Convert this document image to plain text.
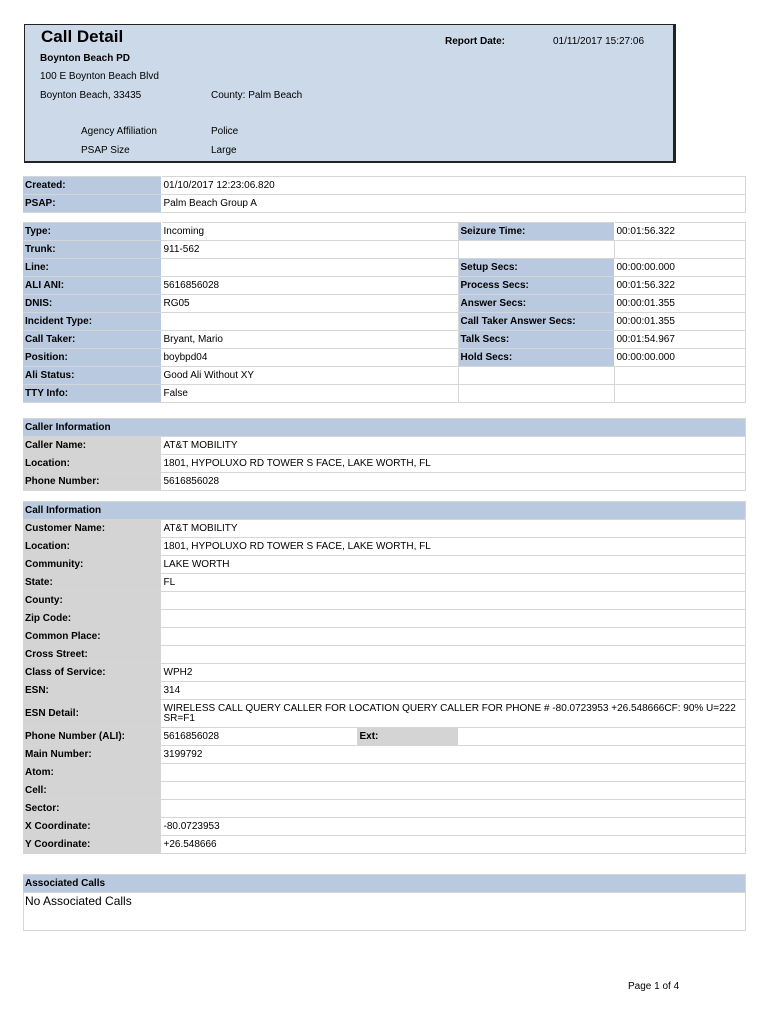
Call Detail
Boynton Beach PD
100 E Boynton Beach Blvd
Boynton Beach, 33435	County: Palm Beach
Agency Affiliation	Police
PSAP Size	Large
Report Date:	01/11/2017 15:27:06
Created:	01/10/2017 12:23:06.820
PSAP:	Palm Beach Group A
Type:	Incoming	Seizure Time:	00:01:56.322
Trunk:	911-562		
Line:		Setup Secs:	00:00:00.000
ALI ANI:	5616856028	Process Secs:	00:01:56.322
DNIS:	RG05	Answer Secs:	00:00:01.355
Incident Type:		Call Taker Answer Secs:	00:00:01.355
Call Taker:	Bryant, Mario	Talk Secs:	00:01:54.967
Position:	boybpd04	Hold Secs:	00:00:00.000
Ali Status:	Good Ali Without XY		
TTY Info:	False		
Caller Information	
Caller Name:	AT&T MOBILITY
Location:	1801, HYPOLUXO RD TOWER S FACE, LAKE WORTH, FL
Phone Number:	5616856028
Call Information			
Customer Name:	AT&T MOBILITY		
Location:	1801, HYPOLUXO RD TOWER S FACE, LAKE WORTH, FL		
Community:	LAKE WORTH		
State:	FL		
County:			
Zip Code:			
Common Place:			
Cross Street:			
Class of Service:	WPH2		
ESN:	314		
ESN Detail:	WIRELESS CALL QUERY CALLER FOR LOCATION QUERY CALLER FOR PHONE # -80.0723953 +26.548666CF: 90% U=222 SR=F1		
Phone Number (ALI):	5616856028	Ext:	
Main Number:	3199792		
Atom:			
Cell:			
Sector:			
X Coordinate:	-80.0723953		
Y Coordinate:	+26.548666		
Associated Calls
No Associated Calls
Page 1 of 4
